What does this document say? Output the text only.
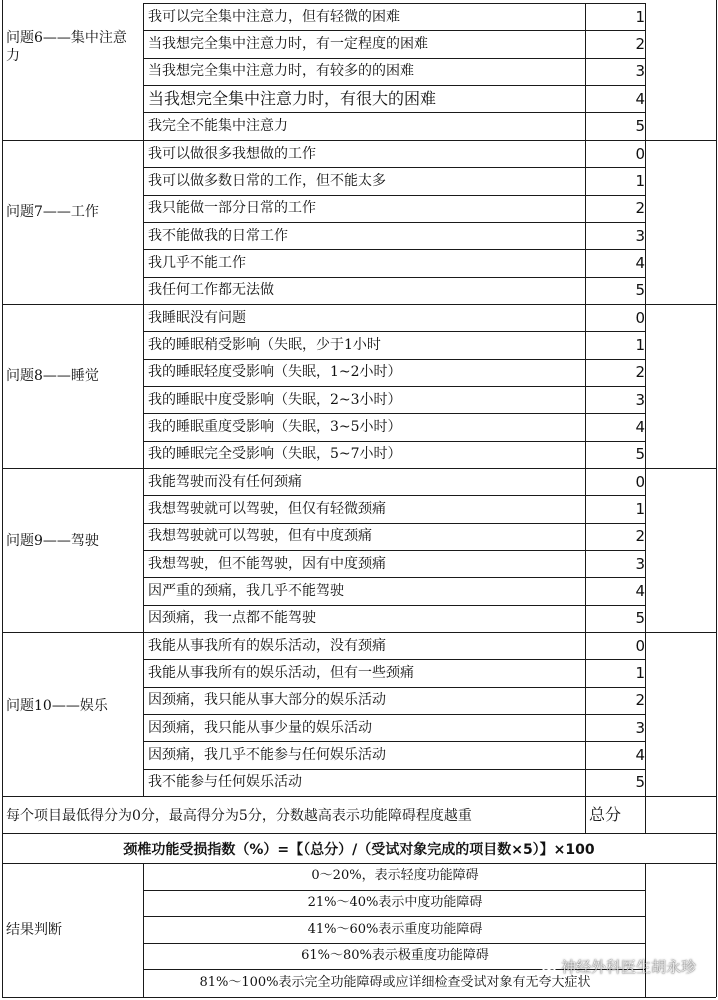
问题6——集中注意
力
我可以完全集中注意力，但有轻微的困难	1
当我想完全集中注意力时，有一定程度的困难	2
当我想完全集中注意力时，有较多的的困难	3
当我想完全集中注意力时，有很大的困难	4
我完全不能集中注意力	5
问题7——工作
我可以做很多我想做的工作	0
我可以做多数日常的工作，但不能太多	1
我只能做一部分日常的工作	2
我不能做我的日常工作	3
我几乎不能工作	4
我任何工作都无法做	5
问题8——睡觉
我睡眠没有问题	0
我的睡眠稍受影响（失眠，少于1小时	1
我的睡眠轻度受影响（失眠，1~2小时）	2
我的睡眠中度受影响（失眠，2~3小时）	3
我的睡眠重度受影响（失眠，3~5小时）	4
我的睡眠完全受影响（失眠，5~7小时）	5
问题9——驾驶
我能驾驶而没有任何颈痛	0
我想驾驶就可以驾驶，但仅有轻微颈痛	1
我想驾驶就可以驾驶，但有中度颈痛	2
我想驾驶，但不能驾驶，因有中度颈痛	3
因严重的颈痛，我几乎不能驾驶	4
因颈痛，我一点都不能驾驶	5
问题10——娱乐
我能从事我所有的娱乐活动，没有颈痛	0
我能从事我所有的娱乐活动，但有一些颈痛	1
因颈痛，我只能从事大部分的娱乐活动	2
因颈痛，我只能从事少量的娱乐活动	3
因颈痛，我几乎不能参与任何娱乐活动	4
我不能参与任何娱乐活动	5
每个项目最低得分为0分，最高得分为5分，分数越高表示功能障碍程度越重	总分
颈椎功能受损指数（%）=【（总分）/（受试对象完成的项目数×5）】×100
结果判断
0～20%，表示轻度功能障碍
21%～40%表示中度功能障碍
41%～60%表示重度功能障碍
61%～80%表示极重度功能障碍
81%～100%表示完全功能障碍或应详细检查受试对象有无夸大症状
神经外科医生胡永珍
